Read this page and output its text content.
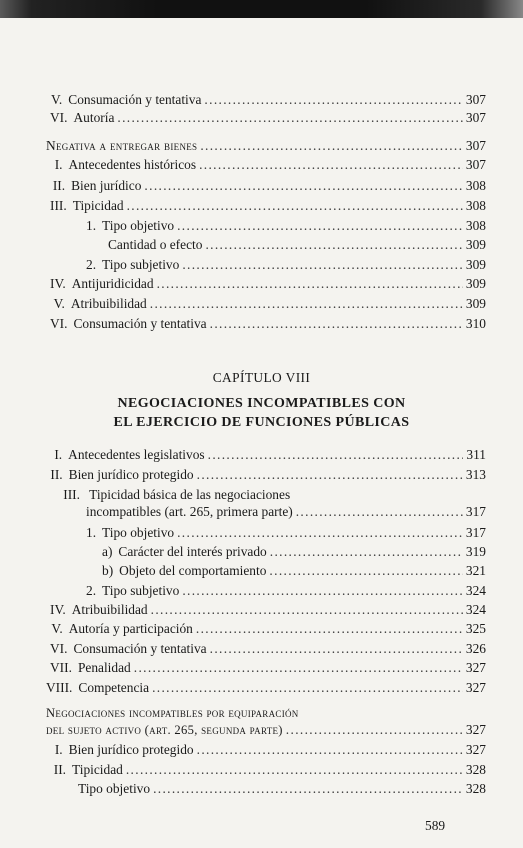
V. Consumación y tentativa . . .	307
VI. Autoría . . .	307
Negativa a entregar bienes . . .	307
I. Antecedentes históricos . . .	307
II. Bien jurídico . . .	308
III. Tipicidad . . .	308
1. Tipo objetivo . . .	308
Cantidad o efecto . . .	309
2. Tipo subjetivo . . .	309
IV. Antijuridicidad . . .	309
V. Atribuibilidad . . .	309
VI. Consumación y tentativa . . .	310
CAPÍTULO VIII
NEGOCIACIONES INCOMPATIBLES CON
EL EJERCICIO DE FUNCIONES PÚBLICAS
I. Antecedentes legislativos . . .	311
II. Bien jurídico protegido . . .	313
III. Tipicidad básica de las negociaciones
incompatibles (art. 265, primera parte) . . .	317
1. Tipo objetivo . . .	317
a) Carácter del interés privado . . .	319
b) Objeto del comportamiento . . .	321
2. Tipo subjetivo . . .	324
IV. Atribuibilidad . . .	324
V. Autoría y participación . . .	325
VI. Consumación y tentativa . . .	326
VII. Penalidad . . .	327
VIII. Competencia . . .	327
Negociaciones incompatibles por equiparación
del sujeto activo (art. 265, segunda parte) . . .	327
I. Bien jurídico protegido . . .	327
II. Tipicidad . . .	328
Tipo objetivo . . .	328
589
